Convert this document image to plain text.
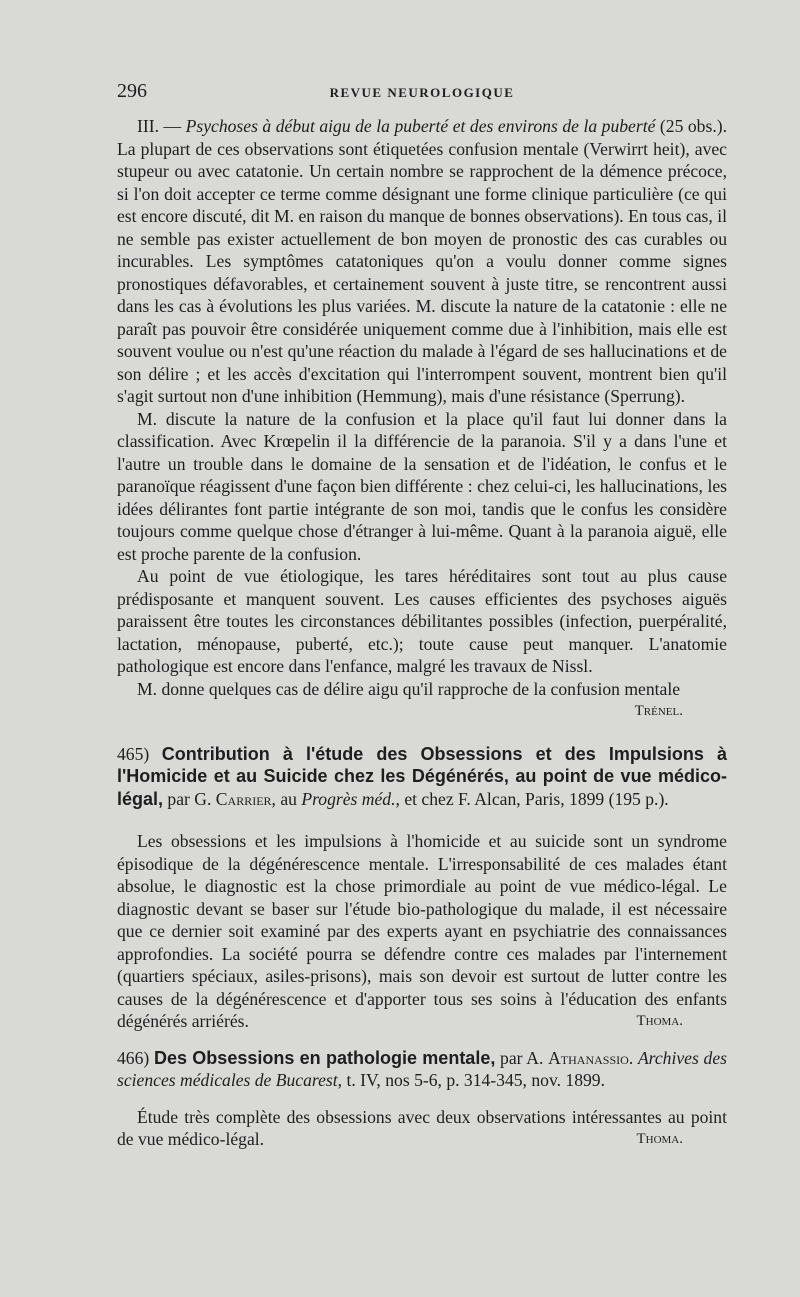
296	REVUE NEUROLOGIQUE

III. — Psychoses à début aigu de la puberté et des environs de la puberté (25 obs.). La plupart de ces observations sont étiquetées confusion mentale (Verwirrt heit), avec stupeur ou avec catatonie. Un certain nombre se rapprochent de la démence précoce, si l'on doit accepter ce terme comme désignant une forme clinique particulière (ce qui est encore discuté, dit M. en raison du manque de bonnes observations). En tous cas, il ne semble pas exister actuellement de bon moyen de pronostic des cas curables ou incurables. Les symptômes catatoniques qu'on a voulu donner comme signes pronostiques défavorables, et certainement souvent à juste titre, se rencontrent aussi dans les cas à évolutions les plus variées. M. discute la nature de la catatonie : elle ne paraît pas pouvoir être considérée uniquement comme due à l'inhibition, mais elle est souvent voulue ou n'est qu'une réaction du malade à l'égard de ses hallucinations et de son délire ; et les accès d'excitation qui l'interrompent souvent, montrent bien qu'il s'agit surtout non d'une inhibition (Hemmung), mais d'une résistance (Sperrung).

M. discute la nature de la confusion et la place qu'il faut lui donner dans la classification. Avec Krœpelin il la différencie de la paranoia. S'il y a dans l'une et l'autre un trouble dans le domaine de la sensation et de l'idéation, le confus et le paranoïque réagissent d'une façon bien différente : chez celui-ci, les hallucinations, les idées délirantes font partie intégrante de son moi, tandis que le confus les considère toujours comme quelque chose d'étranger à lui-même. Quant à la paranoia aiguë, elle est proche parente de la confusion.

Au point de vue étiologique, les tares héréditaires sont tout au plus cause prédisposante et manquent souvent. Les causes efficientes des psychoses aiguës paraissent être toutes les circonstances débilitantes possibles (infection, puerpéralité, lactation, ménopause, puberté, etc.); toute cause peut manquer. L'anatomie pathologique est encore dans l'enfance, malgré les travaux de Nissl.

M. donne quelques cas de délire aigu qu'il rapproche de la confusion mentale

Trénel.

465) Contribution à l'étude des Obsessions et des Impulsions à l'Homicide et au Suicide chez les Dégénérés, au point de vue médico-légal, par G. Carrier, au Progrès méd., et chez F. Alcan, Paris, 1899 (195 p.).

Les obsessions et les impulsions à l'homicide et au suicide sont un syndrome épisodique de la dégénérescence mentale. L'irresponsabilité de ces malades étant absolue, le diagnostic est la chose primordiale au point de vue médico-légal. Le diagnostic devant se baser sur l'étude bio-pathologique du malade, il est nécessaire que ce dernier soit examiné par des experts ayant en psychiatrie des connaissances approfondies. La société pourra se défendre contre ces malades par l'internement (quartiers spéciaux, asiles-prisons), mais son devoir est surtout de lutter contre les causes de la dégénérescence et d'apporter tous ses soins à l'éducation des enfants dégénérés arriérés.	Thoma.

466) Des Obsessions en pathologie mentale, par A. Athanassio. Archives des sciences médicales de Bucarest, t. IV, nos 5-6, p. 314-345, nov. 1899.

Étude très complète des obsessions avec deux observations intéressantes au point de vue médico-légal.	Thoma.
